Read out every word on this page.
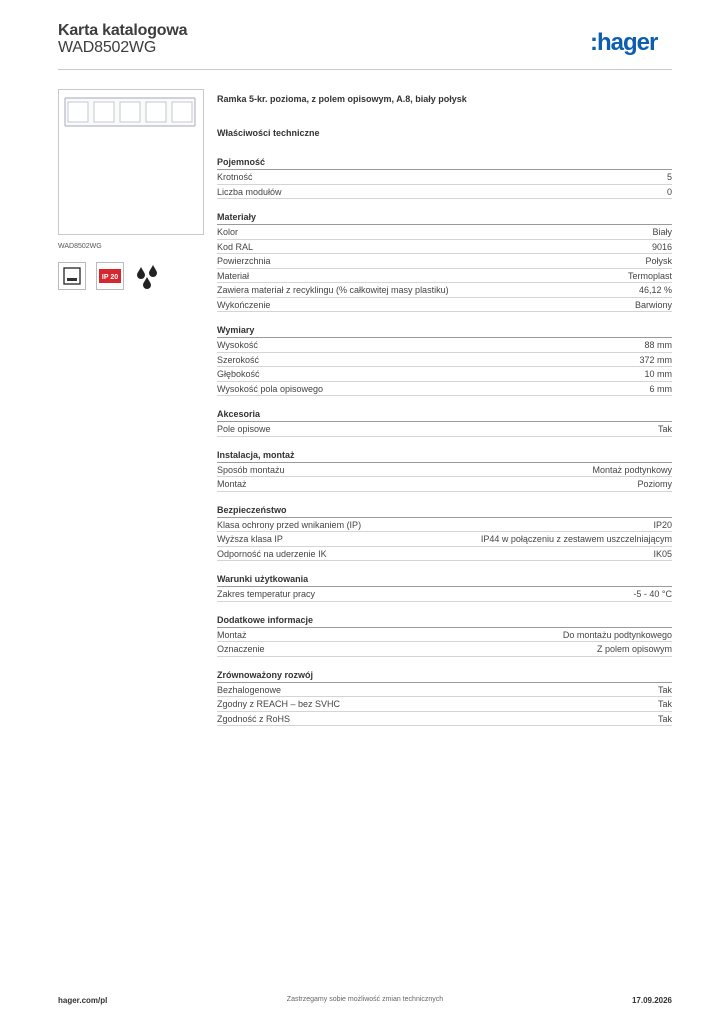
Karta katalogowa
WAD8502WG	:hager
WAD8502WG
IP 20
Ramka 5-kr. pozioma, z polem opisowym, A.8, biały połysk
Właściwości techniczne
Pojemność
Krotność	5
Liczba modułów	0
Materiały
Kolor	Biały
Kod RAL	9016
Powierzchnia	Połysk
Materiał	Termoplast
Zawiera materiał z recyklingu (% całkowitej masy plastiku)	46,12 %
Wykończenie	Barwiony
Wymiary
Wysokość	88 mm
Szerokość	372 mm
Głębokość	10 mm
Wysokość pola opisowego	6 mm
Akcesoria
Pole opisowe	Tak
Instalacja, montaż
Sposób montażu	Montaż podtynkowy
Montaż	Poziomy
Bezpieczeństwo
Klasa ochrony przed wnikaniem (IP)	IP20
Wyższa klasa IP	IP44 w połączeniu z zestawem uszczelniającym
Odporność na uderzenie IK	IK05
Warunki użytkowania
Zakres temperatur pracy	-5 - 40 °C
Dodatkowe informacje
Montaż	Do montażu podtynkowego
Oznaczenie	Z polem opisowym
Zrównoważony rozwój
Bezhalogenowe	Tak
Zgodny z REACH – bez SVHC	Tak
Zgodność z RoHS	Tak
hager.com/pl	Zastrzegamy sobie możliwość zmian technicznych	17.09.2026
